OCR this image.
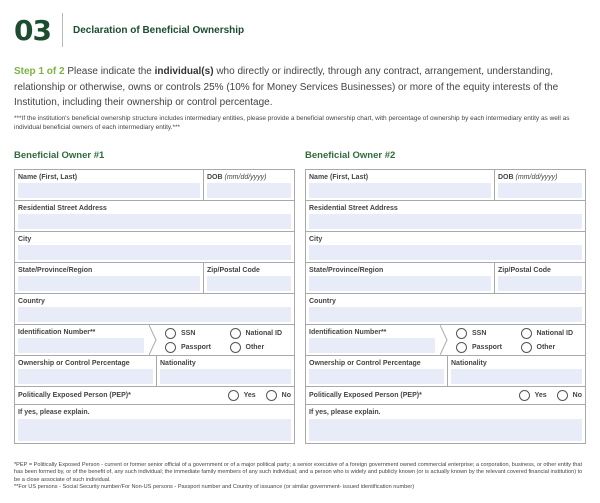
03	Declaration of Beneficial Ownership

Step 1 of 2 Please indicate the individual(s) who directly or indirectly, through any contract, arrangement, understanding, relationship or otherwise, owns or controls 25% (10% for Money Services Businesses) or more of the equity interests of the Institution, including their ownership or control percentage.

***If the institution's beneficial ownership structure includes intermediary entities, please provide a beneficial ownership chart, with percentage of ownership by each intermediary entity as well as individual beneficial owners of each intermediary entity.***

Beneficial Owner #1
Name (First, Last)	DOB (mm/dd/yyyy)
Residential Street Address
City
State/Province/Region	Zip/Postal Code
Country
Identification Number**	SSN	National ID
Passport	Other
Ownership or Control Percentage	Nationality
Politically Exposed Person (PEP)*	Yes	No
If yes, please explain.
Beneficial Owner #2
Name (First, Last)	DOB (mm/dd/yyyy)
Residential Street Address
City
State/Province/Region	Zip/Postal Code
Country
Identification Number**	SSN	National ID
Passport	Other
Ownership or Control Percentage	Nationality
Politically Exposed Person (PEP)*	Yes	No
If yes, please explain.
*PEP = Politically Exposed Person - current or former senior official of a government or of a major political party; a senior executive of a foreign government owned commercial enterprise; a corporation, business, or other entity that has been formed by, or of the benefit of, any such individual; the immediate family members of any such individual; and a person who is widely and publicly known (or is actually known by the relevant covered financial institution) to be a close associate of such individual.
**For US persons - Social Security number/For Non-US persons - Passport number and Country of issuance (or similar government- issued identification number)
